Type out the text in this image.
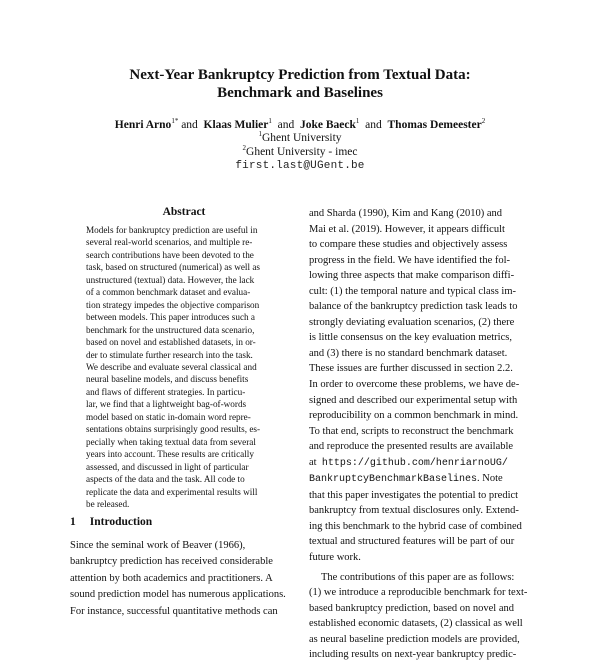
Next-Year Bankruptcy Prediction from Textual Data:
Benchmark and Baselines
Henri Arno$^{1*}$ and Klaas Mulier$^1$ and Joke Baeck$^1$ and Thomas Demeester$^2$
$^1$Ghent University
$^2$Ghent University - imec
first.last@UGent.be
Abstract
Models for bankruptcy prediction are useful in
several real-world scenarios, and multiple re-
search contributions have been devoted to the
task, based on structured (numerical) as well as
unstructured (textual) data. However, the lack
of a common benchmark dataset and evalua-
tion strategy impedes the objective comparison
between models. This paper introduces such a
benchmark for the unstructured data scenario,
based on novel and established datasets, in or-
der to stimulate further research into the task.
We describe and evaluate several classical and
neural baseline models, and discuss benefits
and flaws of different strategies. In particu-
lar, we find that a lightweight bag-of-words
model based on static in-domain word repre-
sentations obtains surprisingly good results, es-
pecially when taking textual data from several
years into account. These results are critically
assessed, and discussed in light of particular
aspects of the data and the task. All code to
replicate the data and experimental results will
be released.
1 Introduction
Since the seminal work of Beaver (1966),
bankruptcy prediction has received considerable
attention by both academics and practitioners. A
sound prediction model has numerous applications.
For instance, successful quantitative methods can
and Sharda (1990), Kim and Kang (2010) and
Mai et al. (2019). However, it appears difficult
to compare these studies and objectively assess
progress in the field. We have identified the fol-
lowing three aspects that make comparison diffi-
cult: (1) the temporal nature and typical class im-
balance of the bankruptcy prediction task leads to
strongly deviating evaluation scenarios, (2) there
is little consensus on the key evaluation metrics,
and (3) there is no standard benchmark dataset.
These issues are further discussed in section 2.2.
In order to overcome these problems, we have de-
signed and described our experimental setup with
reproducibility on a common benchmark in mind.
To that end, scripts to reconstruct the benchmark
and reproduce the presented results are available
at https://github.com/henriarnoUG/
BankruptcyBenchmarkBaselines. Note
that this paper investigates the potential to predict
bankruptcy from textual disclosures only. Extend-
ing this benchmark to the hybrid case of combined
textual and structured features will be part of our
future work.
The contributions of this paper are as follows:
(1) we introduce a reproducible benchmark for text-
based bankruptcy prediction, based on novel and
established economic datasets, (2) classical as well
as neural baseline prediction models are provided,
including results on next-year bankruptcy predic-
